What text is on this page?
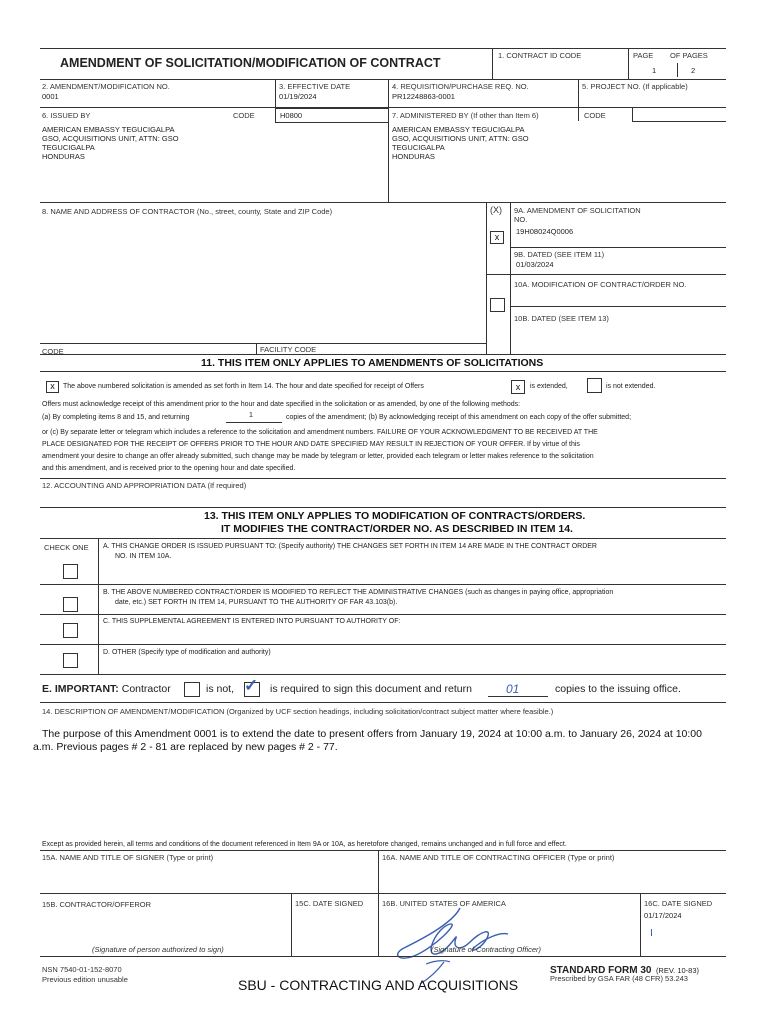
AMENDMENT OF SOLICITATION/MODIFICATION OF CONTRACT
1. CONTRACT ID CODE	PAGE OF PAGES
1	2
2. AMENDMENT/MODIFICATION NO.
0001
3. EFFECTIVE DATE
01/19/2024
4. REQUISITION/PURCHASE REQ. NO.
PR12248863-0001
5. PROJECT NO. (If applicable)
6. ISSUED BY	CODE	H0800
AMERICAN EMBASSY TEGUCIGALPA
GSO, ACQUISITIONS UNIT, ATTN: GSO
TEGUCIGALPA
HONDURAS
7. ADMINISTERED BY (If other than Item 6)	CODE
AMERICAN EMBASSY TEGUCIGALPA
GSO, ACQUISITIONS UNIT, ATTN: GSO
TEGUCIGALPA
HONDURAS
8. NAME AND ADDRESS OF CONTRACTOR (No., street, county, State and ZIP Code)	(X) 9A. AMENDMENT OF SOLICITATION
NO.
x
19H08024Q0006
9B. DATED (SEE ITEM 11)
01/03/2024
10A. MODIFICATION OF CONTRACT/ORDER NO.
10B. DATED (SEE ITEM 13)
CODE	FACILITY CODE
11. THIS ITEM ONLY APPLIES TO AMENDMENTS OF SOLICITATIONS
x	The above numbered solicitation is amended as set forth in Item 14. The hour and date specified for receipt of Offers	x	is extended,	is not extended.
Offers must acknowledge receipt of this amendment prior to the hour and date specified in the solicitation or as amended, by one of the following methods:
(a) By completing items 8 and 15, and returning	1	copies of the amendment; (b) By acknowledging receipt of this amendment on each copy of the offer submitted;
or (c) By separate letter or telegram which includes a reference to the solicitation and amendment numbers. FAILURE OF YOUR ACKNOWLEDGMENT TO BE RECEIVED AT THE
PLACE DESIGNATED FOR THE RECEIPT OF OFFERS PRIOR TO THE HOUR AND DATE SPECIFIED MAY RESULT IN REJECTION OF YOUR OFFER. If by virtue of this
amendment your desire to change an offer already submitted, such change may be made by telegram or letter, provided each telegram or letter makes reference to the solicitation
and this amendment, and is received prior to the opening hour and date specified.
12. ACCOUNTING AND APPROPRIATION DATA (If required)
13. THIS ITEM ONLY APPLIES TO MODIFICATION OF CONTRACTS/ORDERS.
IT MODIFIES THE CONTRACT/ORDER NO. AS DESCRIBED IN ITEM 14.
CHECK ONE A. THIS CHANGE ORDER IS ISSUED PURSUANT TO: (Specify authority) THE CHANGES SET FORTH IN ITEM 14 ARE MADE IN THE CONTRACT ORDER
NO. IN ITEM 10A.
B. THE ABOVE NUMBERED CONTRACT/ORDER IS MODIFIED TO REFLECT THE ADMINISTRATIVE CHANGES (such as changes in paying office, appropriation
date, etc.) SET FORTH IN ITEM 14, PURSUANT TO THE AUTHORITY OF FAR 43.103(b).
C. THIS SUPPLEMENTAL AGREEMENT IS ENTERED INTO PURSUANT TO AUTHORITY OF:
D. OTHER (Specify type of modification and authority)
E. IMPORTANT: Contractor	is not, ✓ is required to sign this document and return	01	copies to the issuing office.
14. DESCRIPTION OF AMENDMENT/MODIFICATION (Organized by UCF section headings, including solicitation/contract subject matter where feasible.)
The purpose of this Amendment 0001 is to extend the date to present offers from January 19, 2024 at 10:00 a.m. to January 26, 2024 at 10:00
a.m. Previous pages # 2 - 81 are replaced by new pages # 2 - 77.
Except as provided herein, all terms and conditions of the document referenced in Item 9A or 10A, as heretofore changed, remains unchanged and in full force and effect.
15A. NAME AND TITLE OF SIGNER (Type or print)	16A. NAME AND TITLE OF CONTRACTING OFFICER (Type or print)
15B. CONTRACTOR/OFFEROR	15C. DATE SIGNED	16B. UNITED STATES OF AMERICA	16C. DATE SIGNED
01/17/2024
(Signature of person authorized to sign)	(Signature of Contracting Officer)
NSN 7540-01-152-8070
Previous edition unusable	SBU - CONTRACTING AND ACQUISITIONS
STANDARD FORM 30 (REV. 10-83)
Prescribed by GSA FAR (48 CFR) 53.243
